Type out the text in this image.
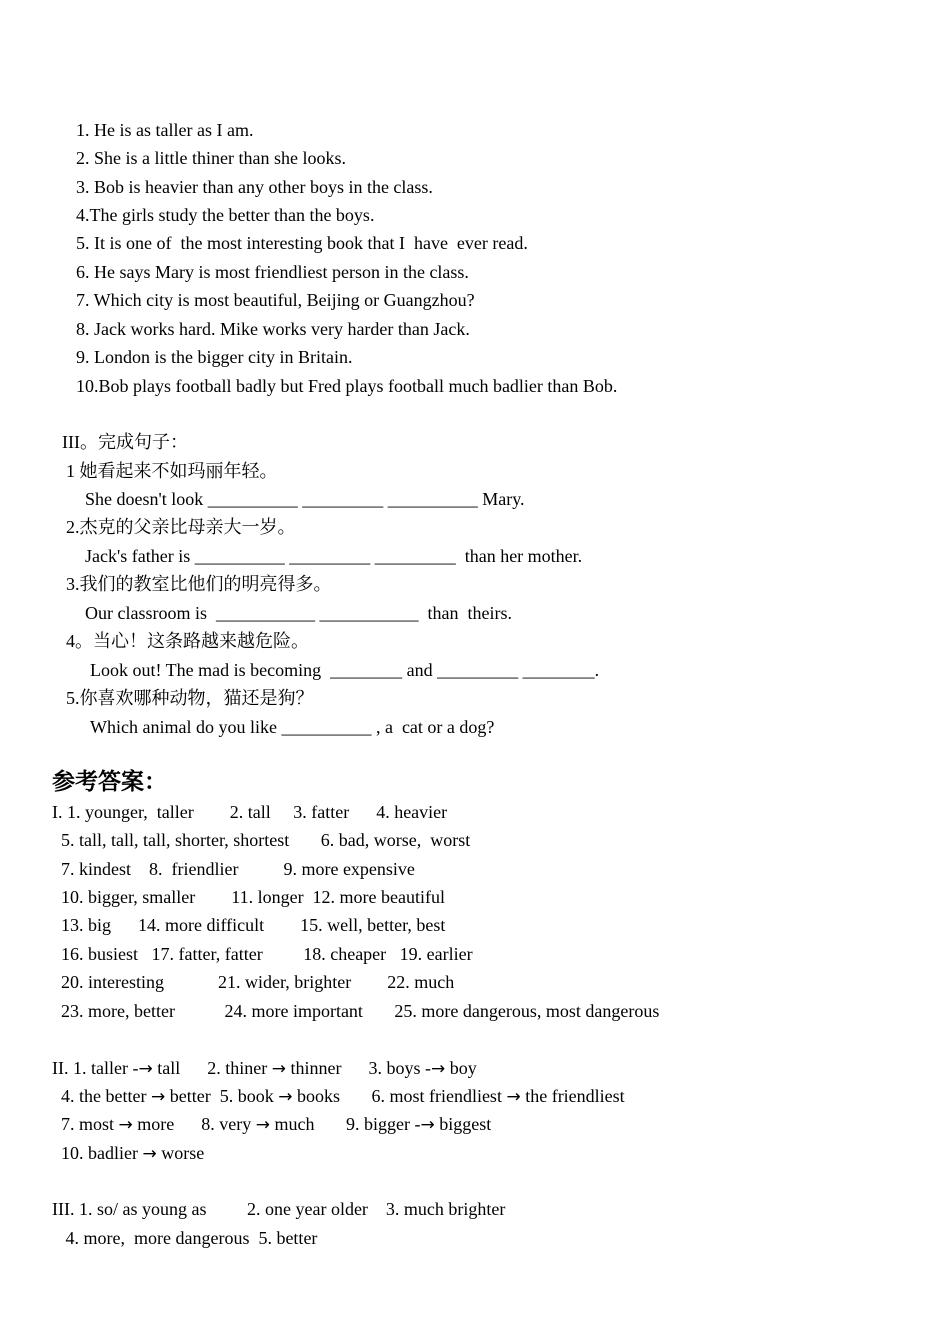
1. He is as taller as I am.
2. She is a little thiner than she looks.
3. Bob is heavier than any other boys in the class.
4.The girls study the better than the boys.
5. It is one of  the most interesting book that I  have  ever read.
6. He says Mary is most friendliest person in the class.
7. Which city is most beautiful, Beijing or Guangzhou?
8. Jack works hard. Mike works very harder than Jack.
9. London is the bigger city in Britain.
10.Bob plays football badly but Fred plays football much badlier than Bob.
III。完成句子：
1 她看起来不如玛丽年轻。
She doesn't look __________ _________ __________ Mary.
2.杰克的父亲比母亲大一岁。
Jack's father is __________ _________ _________  than her mother.
3.我们的教室比他们的明亮得多。
Our classroom is  ___________ ___________  than  theirs.
4。当心！这条路越来越危险。
Look out! The mad is becoming  ________ and _________ ________.
5.你喜欢哪种动物，猫还是狗？
Which animal do you like __________ , a  cat or a dog?
参考答案：
I. 1. younger,  taller        2. tall     3. fatter      4. heavier
5. tall, tall, tall, shorter, shortest       6. bad, worse,  worst
7. kindest    8.  friendlier          9. more expensive
10. bigger, smaller        11. longer  12. more beautiful
13. big      14. more difficult        15. well, better, best
16. busiest   17. fatter, fatter         18. cheaper   19. earlier
20. interesting            21. wider, brighter        22. much
23. more, better           24. more important       25. more dangerous, most dangerous
II. 1. taller -→ tall      2. thiner → thinner      3. boys -→ boy
4. the better → better  5. book → books       6. most friendliest → the friendliest
7. most → more      8. very → much       9. bigger -→ biggest
10. badlier → worse
III. 1. so/ as young as         2. one year older    3. much brighter
4. more,  more dangerous  5. better
